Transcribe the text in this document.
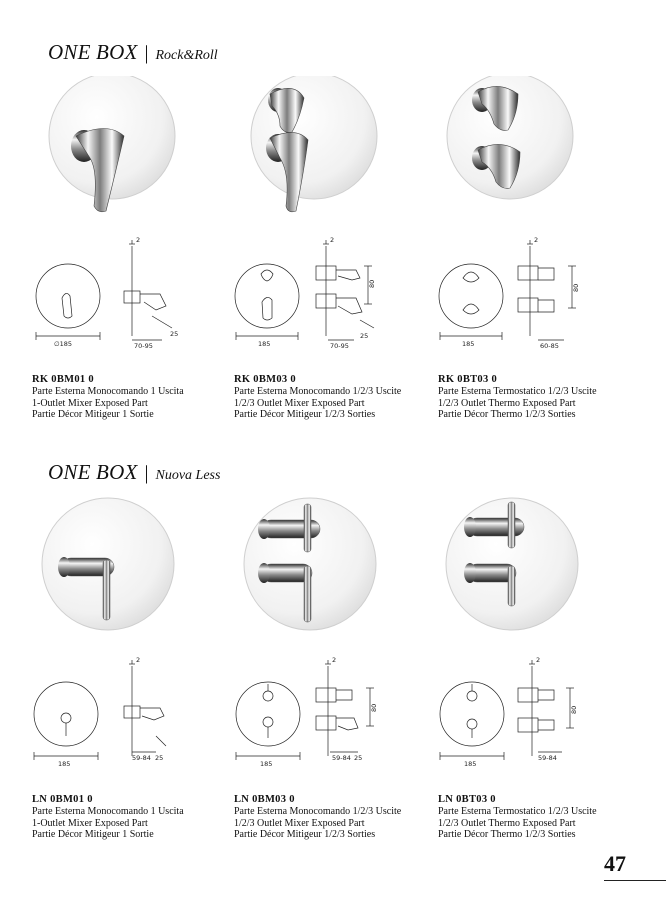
ONE BOX | Rock&Roll
∅185	70-95
25
2
RK 0BM01 0
Parte Esterna Monocomando 1 Uscita
1-Outlet Mixer Exposed Part
Partie Décor Mitigeur 1 Sortie
185	70-95
25
2
80
RK 0BM03 0
Parte Esterna Monocomando 1/2/3 Uscite
1/2/3 Outlet Mixer Exposed Part
Partie Décor Mitigeur 1/2/3 Sorties
185	60-85
2
80
RK 0BT03 0
Parte Esterna Termostatico 1/2/3 Uscite
1/2/3 Outlet Thermo Exposed Part
Partie Décor Thermo 1/2/3 Sorties
ONE BOX | Nuova Less
185
59-84 25
2
LN 0BM01 0
Parte Esterna Monocomando 1 Uscita
1-Outlet Mixer Exposed Part
Partie Décor Mitigeur 1 Sortie
185
59-84 25
2
80
LN 0BM03 0
Parte Esterna Monocomando 1/2/3 Uscite
1/2/3 Outlet Mixer Exposed Part
Partie Décor Mitigeur 1/2/3 Sorties
185
59-84
2
80
LN 0BT03 0
Parte Esterna Termostatico 1/2/3 Uscite
1/2/3 Outlet Thermo Exposed Part
Partie Décor Thermo 1/2/3 Sorties
47
